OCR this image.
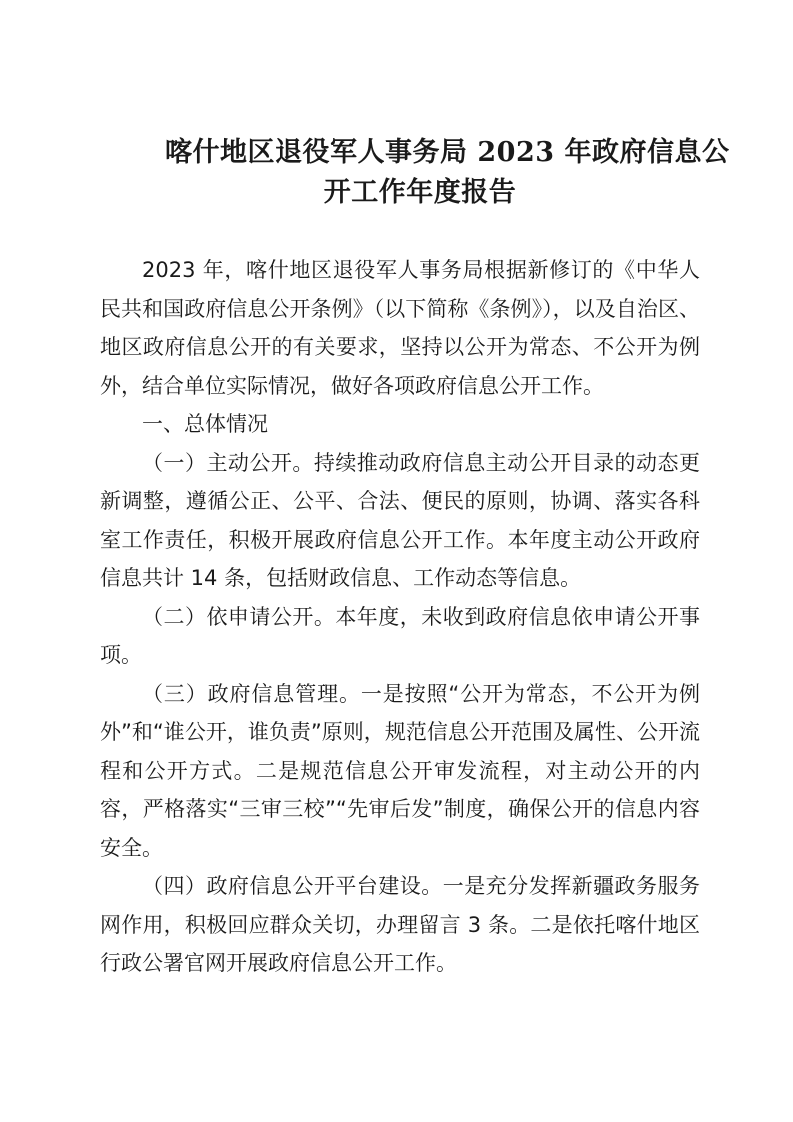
喀什地区退役军人事务局 2023 年政府信息公
开工作年度报告

2023 年，喀什地区退役军人事务局根据新修订的《中华人民共和国政府信息公开条例》（以下简称《条例》），以及自治区、地区政府信息公开的有关要求，坚持以公开为常态、不公开为例外，结合单位实际情况，做好各项政府信息公开工作。

一、总体情况

（一）主动公开。持续推动政府信息主动公开目录的动态更新调整，遵循公正、公平、合法、便民的原则，协调、落实各科室工作责任，积极开展政府信息公开工作。本年度主动公开政府信息共计 14 条，包括财政信息、工作动态等信息。

（二）依申请公开。本年度，未收到政府信息依申请公开事项。

（三）政府信息管理。一是按照“公开为常态，不公开为例外”和“谁公开，谁负责”原则，规范信息公开范围及属性、公开流程和公开方式。二是规范信息公开审发流程，对主动公开的内容，严格落实“三审三校”“先审后发”制度，确保公开的信息内容安全。

（四）政府信息公开平台建设。一是充分发挥新疆政务服务网作用，积极回应群众关切，办理留言 3 条。二是依托喀什地区行政公署官网开展政府信息公开工作。
